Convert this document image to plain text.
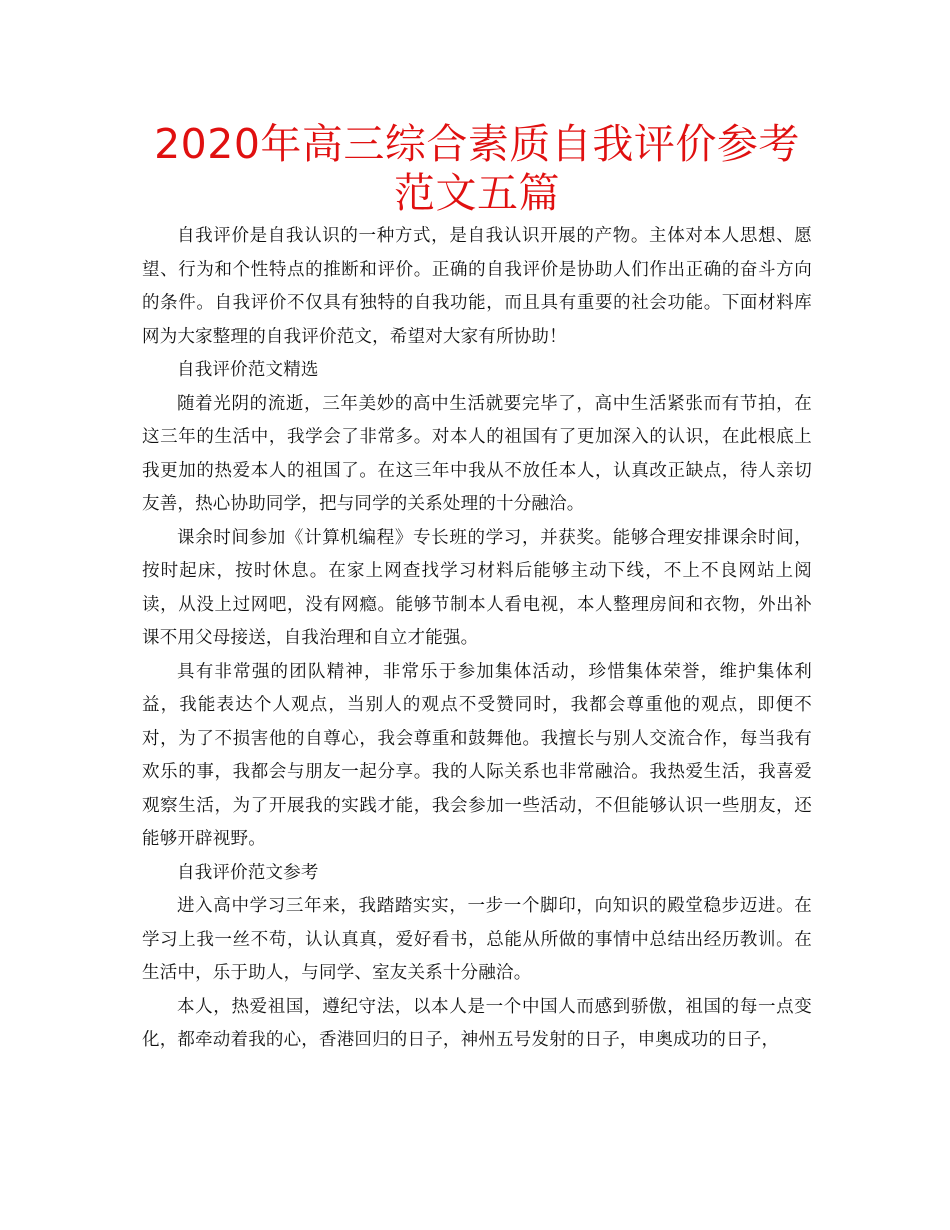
2020年高三综合素质自我评价参考范文五篇

自我评价是自我认识的一种方式，是自我认识开展的产物。主体对本人思想、愿望、行为和个性特点的推断和评价。正确的自我评价是协助人们作出正确的奋斗方向的条件。自我评价不仅具有独特的自我功能，而且具有重要的社会功能。下面材料库网为大家整理的自我评价范文，希望对大家有所协助！

自我评价范文精选

随着光阴的流逝，三年美妙的高中生活就要完毕了，高中生活紧张而有节拍，在这三年的生活中，我学会了非常多。对本人的祖国有了更加深入的认识，在此根底上我更加的热爱本人的祖国了。在这三年中我从不放任本人，认真改正缺点，待人亲切友善，热心协助同学，把与同学的关系处理的十分融洽。

课余时间参加《计算机编程》专长班的学习，并获奖。能够合理安排课余时间，按时起床，按时休息。在家上网查找学习材料后能够主动下线，不上不良网站上阅读，从没上过网吧，没有网瘾。能够节制本人看电视，本人整理房间和衣物，外出补课不用父母接送，自我治理和自立才能强。

具有非常强的团队精神，非常乐于参加集体活动，珍惜集体荣誉，维护集体利益，我能表达个人观点，当别人的观点不受赞同时，我都会尊重他的观点，即便不对，为了不损害他的自尊心，我会尊重和鼓舞他。我擅长与别人交流合作，每当我有欢乐的事，我都会与朋友一起分享。我的人际关系也非常融洽。我热爱生活，我喜爱观察生活，为了开展我的实践才能，我会参加一些活动，不但能够认识一些朋友，还能够开辟视野。

自我评价范文参考

进入高中学习三年来，我踏踏实实，一步一个脚印，向知识的殿堂稳步迈进。在学习上我一丝不苟，认认真真，爱好看书，总能从所做的事情中总结出经历教训。在生活中，乐于助人，与同学、室友关系十分融洽。

本人，热爱祖国，遵纪守法，以本人是一个中国人而感到骄傲，祖国的每一点变化，都牵动着我的心，香港回归的日子，神州五号发射的日子，申奥成功的日子，
